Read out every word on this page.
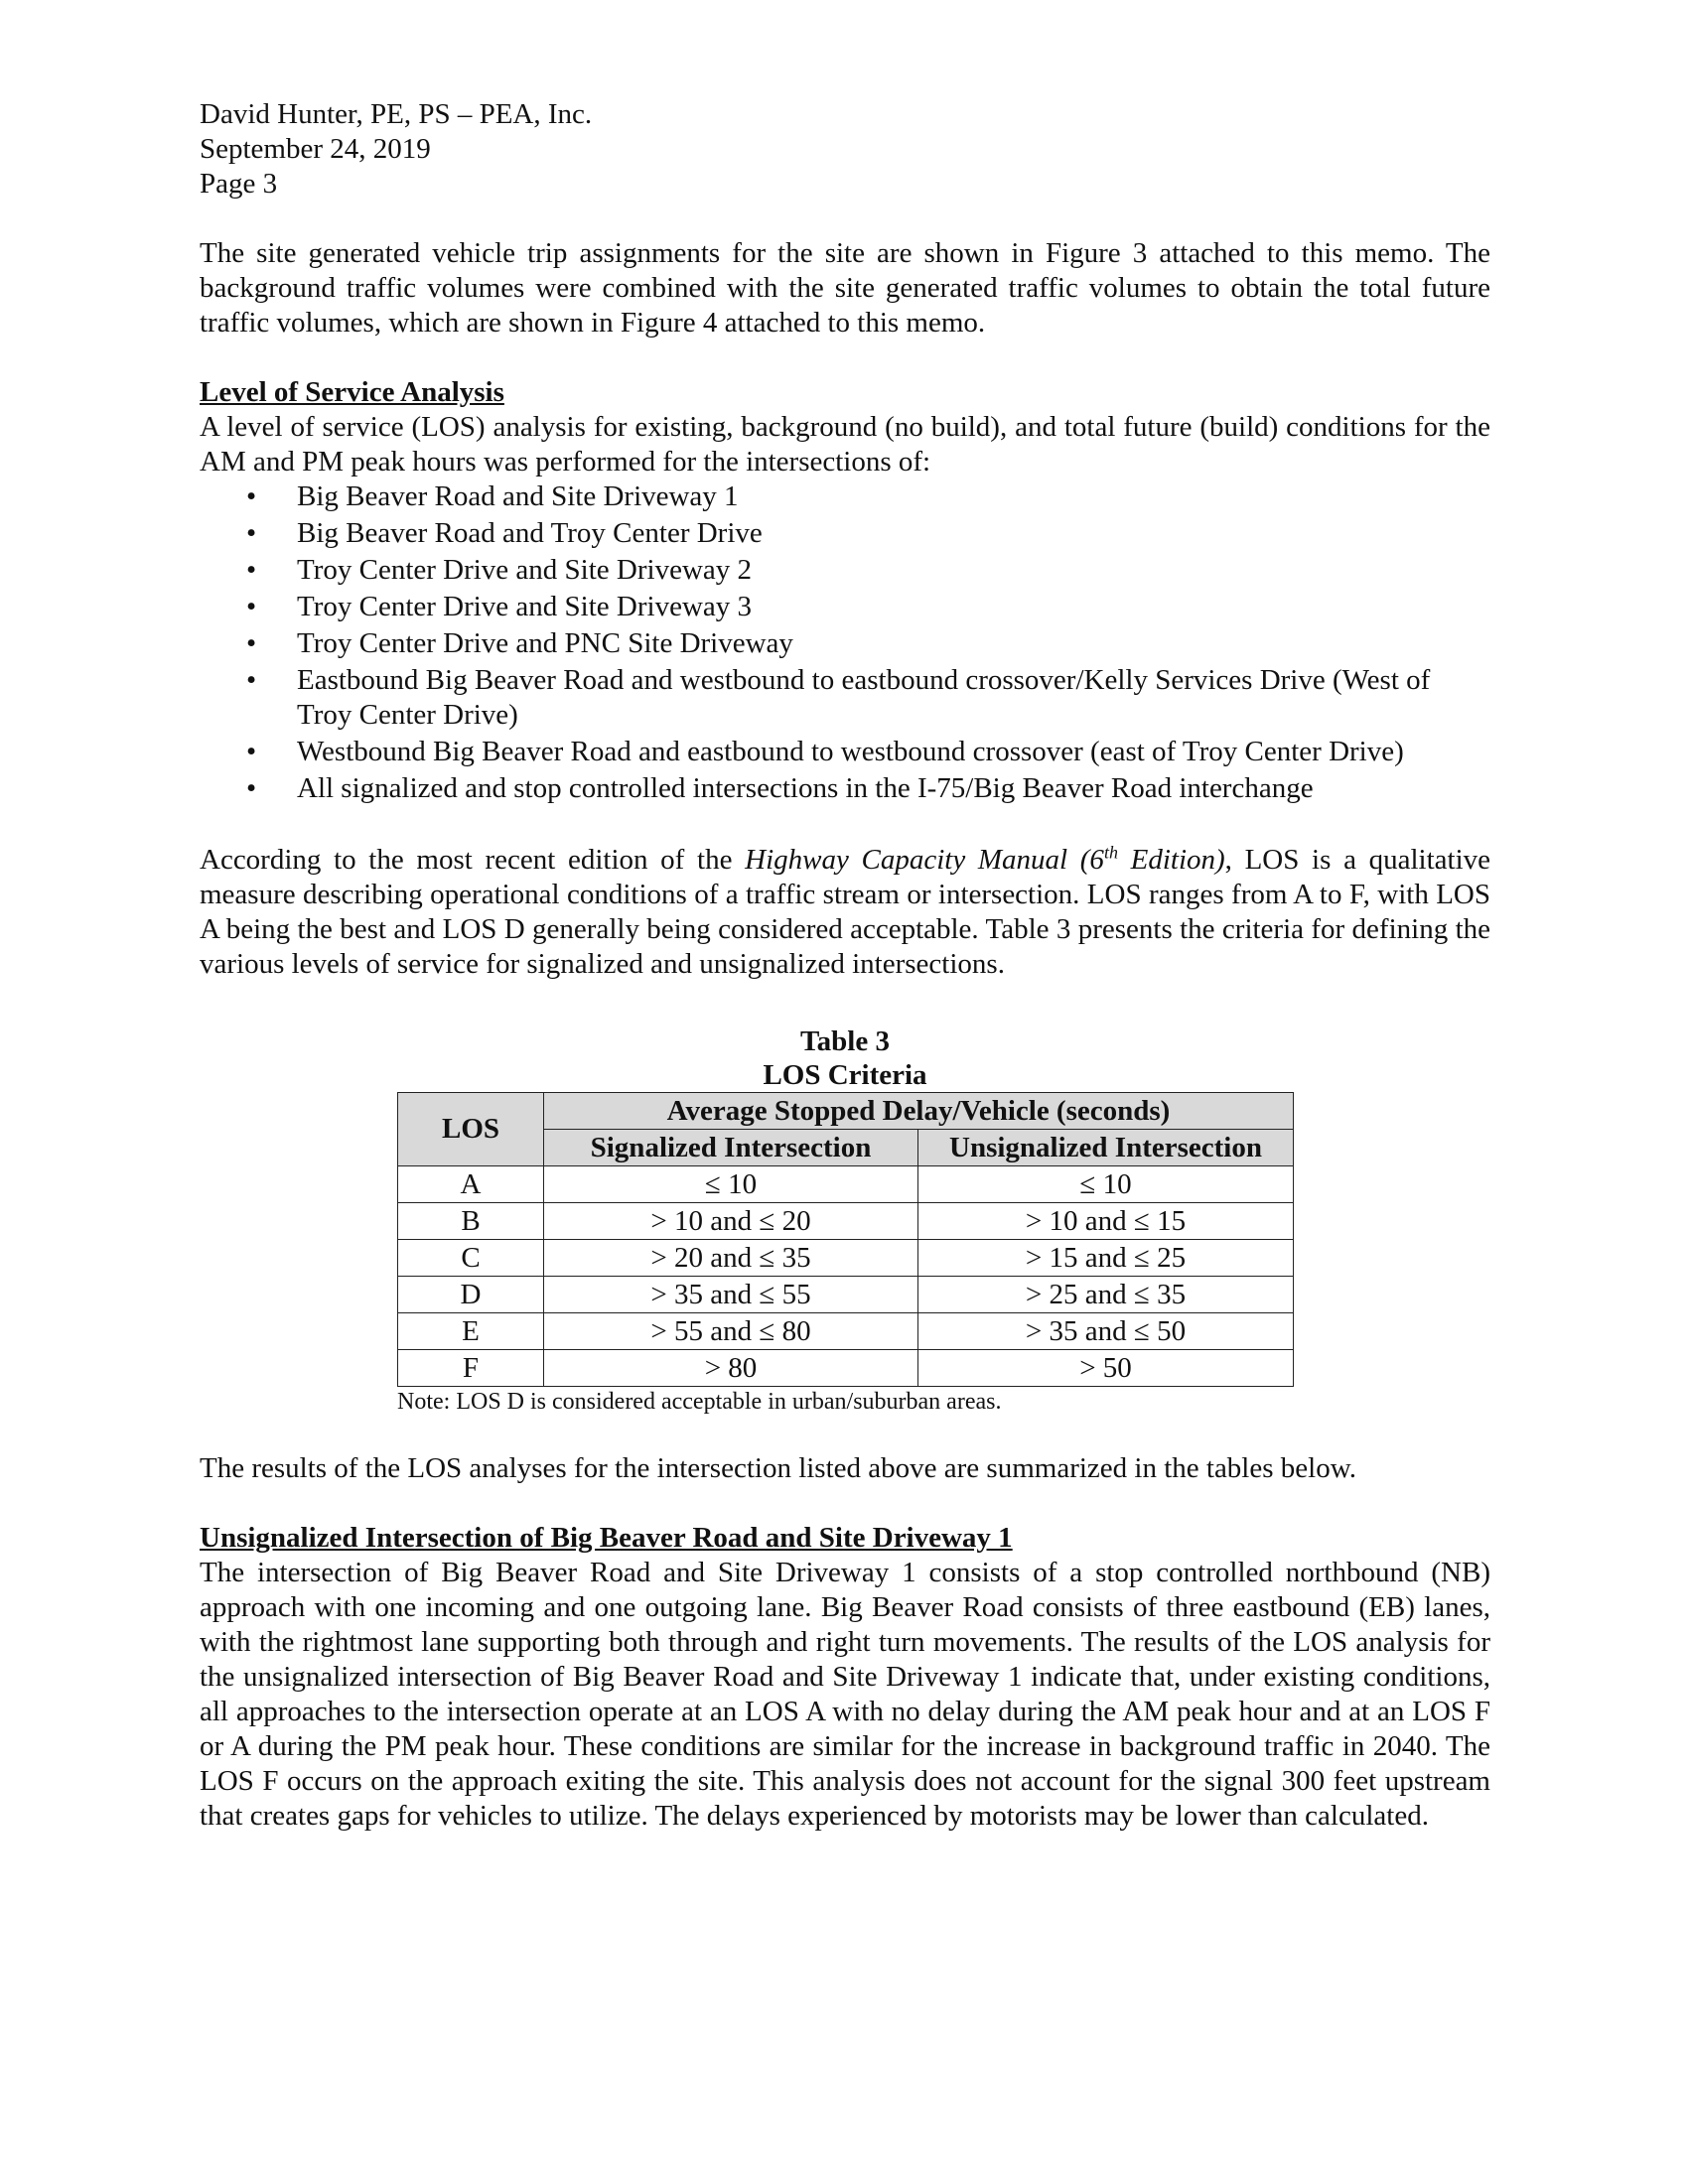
David Hunter, PE, PS – PEA, Inc.

September 24, 2019

Page 3

The site generated vehicle trip assignments for the site are shown in Figure 3 attached to this memo. The background traffic volumes were combined with the site generated traffic volumes to obtain the total future traffic volumes, which are shown in Figure 4 attached to this memo.

Level of Service Analysis

A level of service (LOS) analysis for existing, background (no build), and total future (build) conditions for the AM and PM peak hours was performed for the intersections of:

• Big Beaver Road and Site Driveway 1
• Big Beaver Road and Troy Center Drive
• Troy Center Drive and Site Driveway 2
• Troy Center Drive and Site Driveway 3
• Troy Center Drive and PNC Site Driveway
• Eastbound Big Beaver Road and westbound to eastbound crossover/Kelly Services Drive (West of Troy Center Drive)
• Westbound Big Beaver Road and eastbound to westbound crossover (east of Troy Center Drive)
• All signalized and stop controlled intersections in the I-75/Big Beaver Road interchange

According to the most recent edition of the Highway Capacity Manual (6th Edition), LOS is a qualitative measure describing operational conditions of a traffic stream or intersection. LOS ranges from A to F, with LOS A being the best and LOS D generally being considered acceptable. Table 3 presents the criteria for defining the various levels of service for signalized and unsignalized intersections.

Table 3

LOS Criteria

LOS	Average Stopped Delay/Vehicle (seconds)	
	Signalized Intersection	Unsignalized Intersection
A	≤ 10	≤ 10
B	> 10 and ≤ 20	> 10 and ≤ 15
C	> 20 and ≤ 35	> 15 and ≤ 25
D	> 35 and ≤ 55	> 25 and ≤ 35
E	> 55 and ≤ 80	> 35 and ≤ 50
F	> 80	> 50

Note: LOS D is considered acceptable in urban/suburban areas.

The results of the LOS analyses for the intersection listed above are summarized in the tables below.

Unsignalized Intersection of Big Beaver Road and Site Driveway 1

The intersection of Big Beaver Road and Site Driveway 1 consists of a stop controlled northbound (NB) approach with one incoming and one outgoing lane. Big Beaver Road consists of three eastbound (EB) lanes, with the rightmost lane supporting both through and right turn movements. The results of the LOS analysis for the unsignalized intersection of Big Beaver Road and Site Driveway 1 indicate that, under existing conditions, all approaches to the intersection operate at an LOS A with no delay during the AM peak hour and at an LOS F or A during the PM peak hour. These conditions are similar for the increase in background traffic in 2040. The LOS F occurs on the approach exiting the site. This analysis does not account for the signal 300 feet upstream that creates gaps for vehicles to utilize. The delays experienced by motorists may be lower than calculated.
